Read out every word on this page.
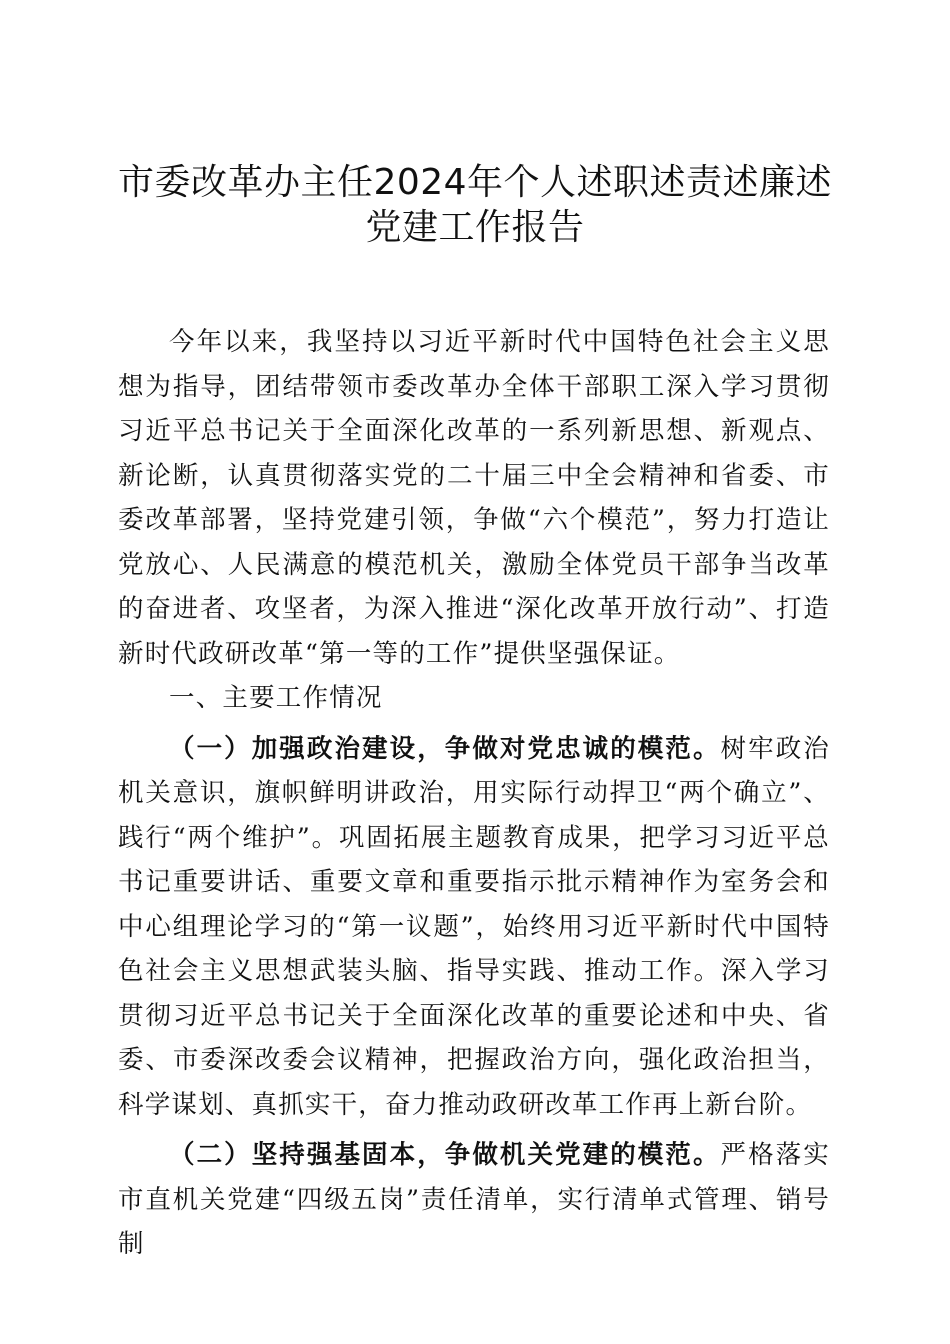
市委改革办主任2024年个人述职述责述廉述
党建工作报告

今年以来，我坚持以习近平新时代中国特色社会主义思想为指导，团结带领市委改革办全体干部职工深入学习贯彻习近平总书记关于全面深化改革的一系列新思想、新观点、新论断，认真贯彻落实党的二十届三中全会精神和省委、市委改革部署，坚持党建引领，争做“六个模范”，努力打造让党放心、人民满意的模范机关，激励全体党员干部争当改革的奋进者、攻坚者，为深入推进“深化改革开放行动”、打造新时代政研改革“第一等的工作”提供坚强保证。

一、主要工作情况

（一）加强政治建设，争做对党忠诚的模范。树牢政治机关意识，旗帜鲜明讲政治，用实际行动捍卫“两个确立”、践行“两个维护”。巩固拓展主题教育成果，把学习习近平总书记重要讲话、重要文章和重要指示批示精神作为室务会和中心组理论学习的“第一议题”，始终用习近平新时代中国特色社会主义思想武装头脑、指导实践、推动工作。深入学习贯彻习近平总书记关于全面深化改革的重要论述和中央、省委、市委深改委会议精神，把握政治方向，强化政治担当，科学谋划、真抓实干，奋力推动政研改革工作再上新台阶。

（二）坚持强基固本，争做机关党建的模范。严格落实市直机关党建“四级五岗”责任清单，实行清单式管理、销号制
